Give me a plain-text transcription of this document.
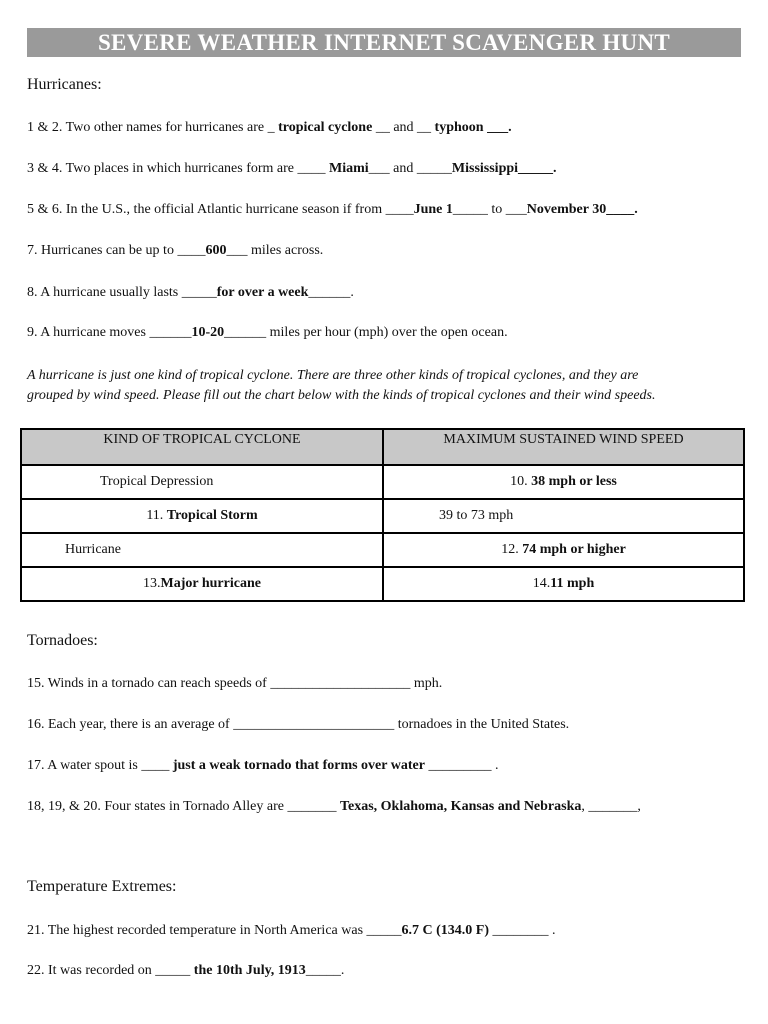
SEVERE WEATHER INTERNET SCAVENGER HUNT
Hurricanes:
1 & 2. Two other names for hurricanes are _ tropical cyclone __ and __ typhoon ___.
3 & 4. Two places in which hurricanes form are ____ Miami___ and _____Mississippi_____.
5 & 6. In the U.S., the official Atlantic hurricane season if from ____June 1_____ to ___November 30____.
7. Hurricanes can be up to ____600___ miles across.
8. A hurricane usually lasts _____for over a week______.
9. A hurricane moves ______10-20______ miles per hour (mph) over the open ocean.
A hurricane is just one kind of tropical cyclone. There are three other kinds of tropical cyclones, and they are
grouped by wind speed. Please fill out the chart below with the kinds of tropical cyclones and their wind speeds.
KIND OF TROPICAL CYCLONE	MAXIMUM SUSTAINED WIND SPEED
Tropical Depression	10. 38 mph or less
11. Tropical Storm	39 to 73 mph
Hurricane	12. 74 mph or higher
13.Major hurricane	14.11 mph
Tornadoes:
15. Winds in a tornado can reach speeds of ____________________ mph.
16. Each year, there is an average of _______________________ tornadoes in the United States.
17. A water spout is ____ just a weak tornado that forms over water _________ .
18, 19, & 20. Four states in Tornado Alley are _______ Texas, Oklahoma, Kansas and Nebraska, _______,
Temperature Extremes:
21. The highest recorded temperature in North America was _____6.7 C (134.0 F) ________ .
22. It was recorded on _____ the 10th July, 1913_____.
